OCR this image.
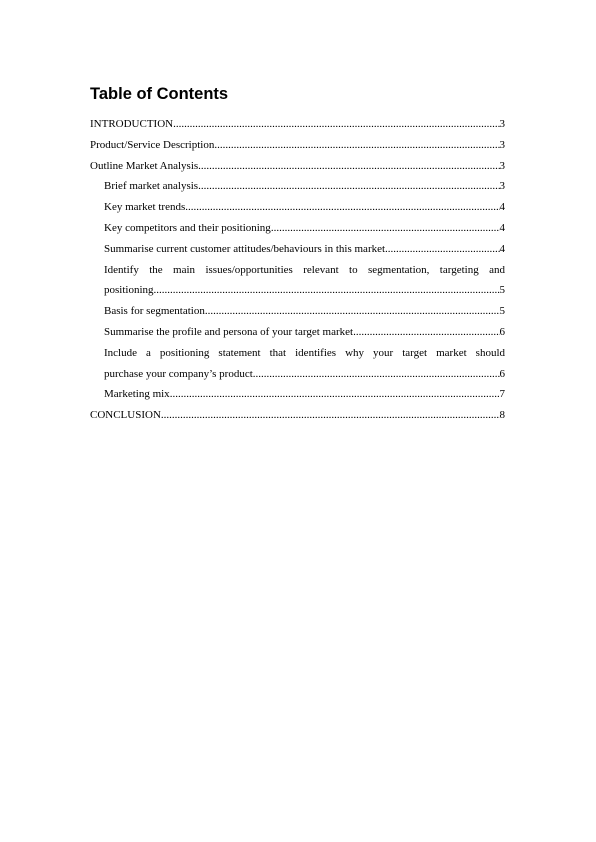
Table of Contents
INTRODUCTION .....	3
Product/Service Description .....	3
Outline Market Analysis .....	3
Brief market analysis .....	3
Key market trends .....	4
Key competitors and their positioning .....	4
Summarise current customer attitudes/behaviours in this market .....	4
Identify the main issues/opportunities relevant to segmentation, targeting and
positioning .....	5
Basis for segmentation .....	5
Summarise the profile and persona of your target market .....	6
Include a positioning statement that identifies why your target market should
purchase your company’s product .....	6
Marketing mix .....	7
CONCLUSION .....	8
